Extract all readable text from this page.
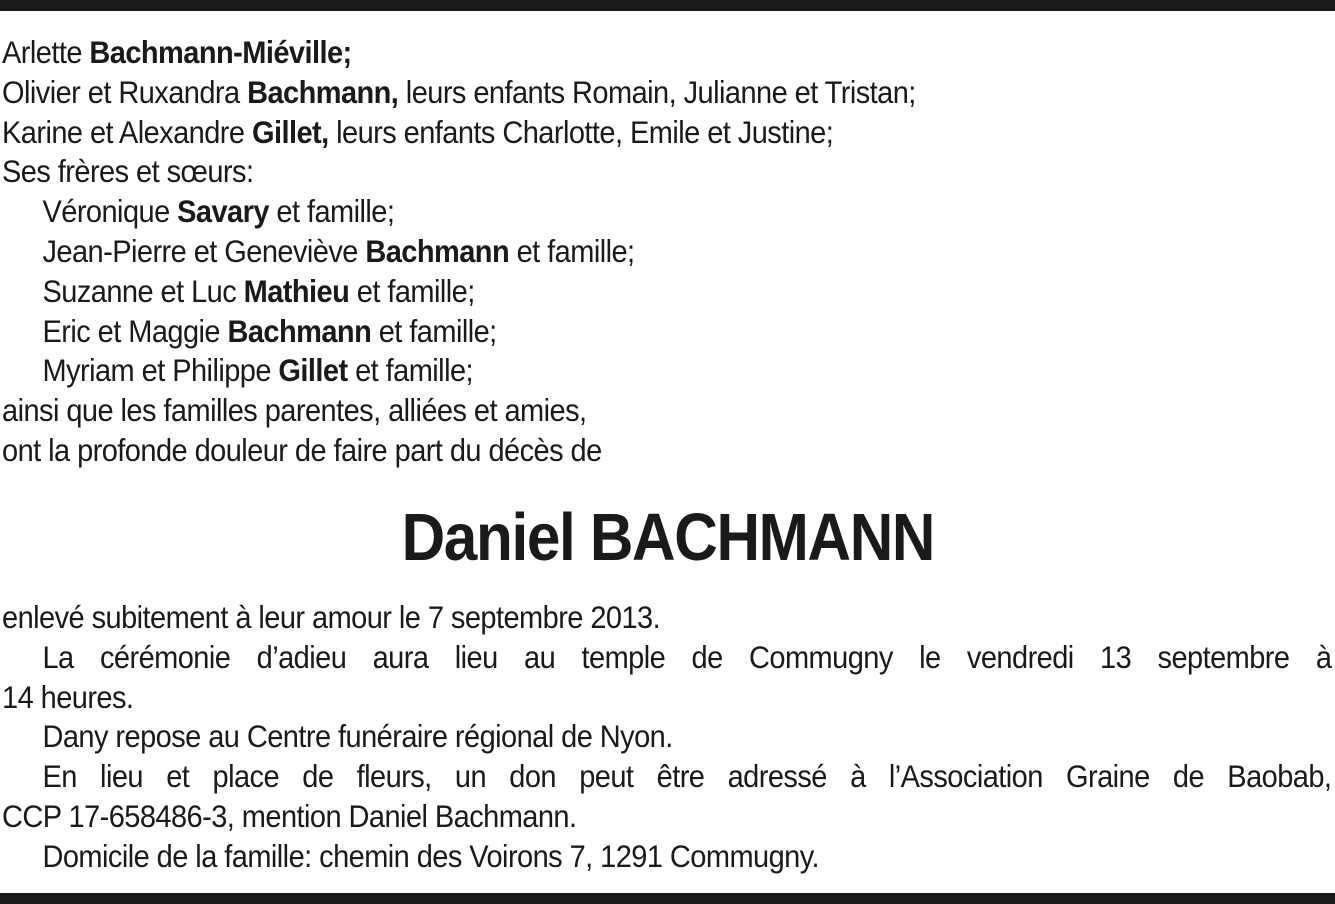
Arlette Bachmann-Miéville;
Olivier et Ruxandra Bachmann, leurs enfants Romain, Julianne et Tristan;
Karine et Alexandre Gillet, leurs enfants Charlotte, Emile et Justine;
Ses frères et sœurs:
Véronique Savary et famille;
Jean-Pierre et Geneviève Bachmann et famille;
Suzanne et Luc Mathieu et famille;
Eric et Maggie Bachmann et famille;
Myriam et Philippe Gillet et famille;
ainsi que les familles parentes, alliées et amies,
ont la profonde douleur de faire part du décès de
Daniel BACHMANN
enlevé subitement à leur amour le 7 septembre 2013.
La cérémonie d’adieu aura lieu au temple de Commugny le vendredi 13 septembre à
14 heures.
Dany repose au Centre funéraire régional de Nyon.
En lieu et place de fleurs, un don peut être adressé à l’Association Graine de Baobab,
CCP 17-658486-3, mention Daniel Bachmann.
Domicile de la famille: chemin des Voirons 7, 1291 Commugny.
